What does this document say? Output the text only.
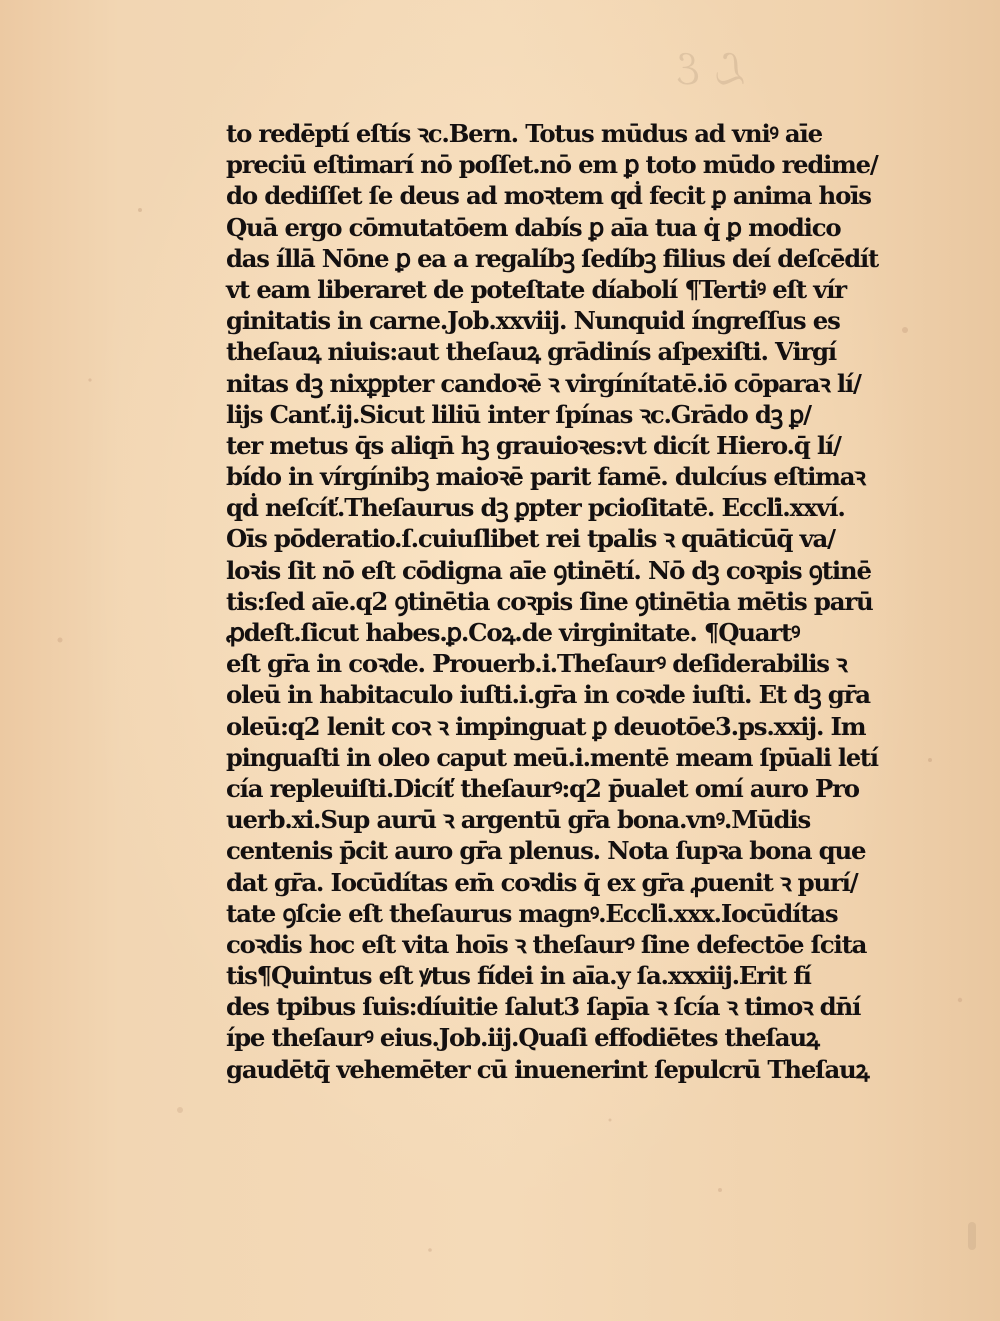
ℒ ℰ
to redēptí eſtís ꝛc.Bern. Totus mūdus ad vniꝰ aīe
preciū eſtimarí nō poſſet.nō em ꝑ toto mūdo redime/
do dediſſet ſe deus ad moꝛtem qḋ fecit ꝑ anima hoīs
Quā ergo cōmutatōem dabís ꝑ aīa tua q̇ ꝑ modico
das íllā Nōne ꝑ ea a regalíbꝫ ſedíbꝫ filius deí deſcēdít
vt eam liberaret de poteſtate díabolí ¶Tertiꝰ eſt vír
ginitatis in carne.Job.xxviij. Nunquid íngreſſus es
theſauꝝ niuis:aut theſauꝝ grādinís aſpexiſti. Virgí
nitas dꝫ nixꝑpter candoꝛē ꝛ virgínítatē.iō cōparaꝛ lí/
lijs Canť.ij.Sicut liliū inter ſpínas ꝛc.Grādo dꝫ ꝑ/
ter metus q̄s aliqn̄ hꝫ grauioꝛes:vt dicít Hiero.q̄ lí/
bído in vírgínibꝫ maioꝛē parit famē. dulcíus eſtimaꝛ
qḋ neſcíť.Theſaurus dꝫ ꝑpter pcioſitatē. Eccľi.xxví.
Oīs pōderatio.ſ.cuiuſlibet rei tpalis ꝛ quāticūq̄ va/
loꝛis ſit nō eſt cōdigna aīe ꝯtinētí. Nō dꝫ coꝛpis ꝯtinē
tis:ſed aīe.q2 ꝯtinētia coꝛpis ſine ꝯtinētia mētis parū
ꝓdeſt.ſicut habes.ꝑ.Coꝝ.de virginitate. ¶Quartꝰ
eſt gr̄a in coꝛde. Prouerb.i.Theſaurꝰ deſiderabilis ꝛ
oleū in habitaculo iuſti.i.gr̄a in coꝛde iuſti. Et dꝫ gr̄a
oleū:q2 lenit coꝛ ꝛ impinguat ꝑ deuotōe3.ps.xxij. Im
pinguaſti in oleo caput meū.i.mentē meam ſpūali letí
cía repleuiſti.Dicíť theſaurꝰ:q2 p̄ualet omí auro Pro
uerb.xi.Sup aurū ꝛ argentū gr̄a bona.vnꝰ.Mūdis
centenis p̄cit auro gr̄a plenus. Nota ſupꝛa bona que
dat gr̄a. Iocūdítas em̄ coꝛdis q̄ ex gr̄a ꝓuenit ꝛ purí/
tate ꝯſcie eſt theſaurus magnꝰ.Eccľi.xxx.Iocūdítas
coꝛdis hoc eſt vita hoīs ꝛ theſaurꝰ ſine defectōe ſcita
tis¶Quintus eſt ꝟtus fídei in aīa.y ſa.xxxiij.Erit fí
des tpibus ſuis:díuitie ſalut3 ſapīa ꝛ ſcía ꝛ timoꝛ dn̄í
ípe theſaurꝰ eius.Job.iij.Quaſi effodiētes theſauꝝ
gaudētq̄ vehemēter cū inuenerint ſepulcrū Theſauꝝ
